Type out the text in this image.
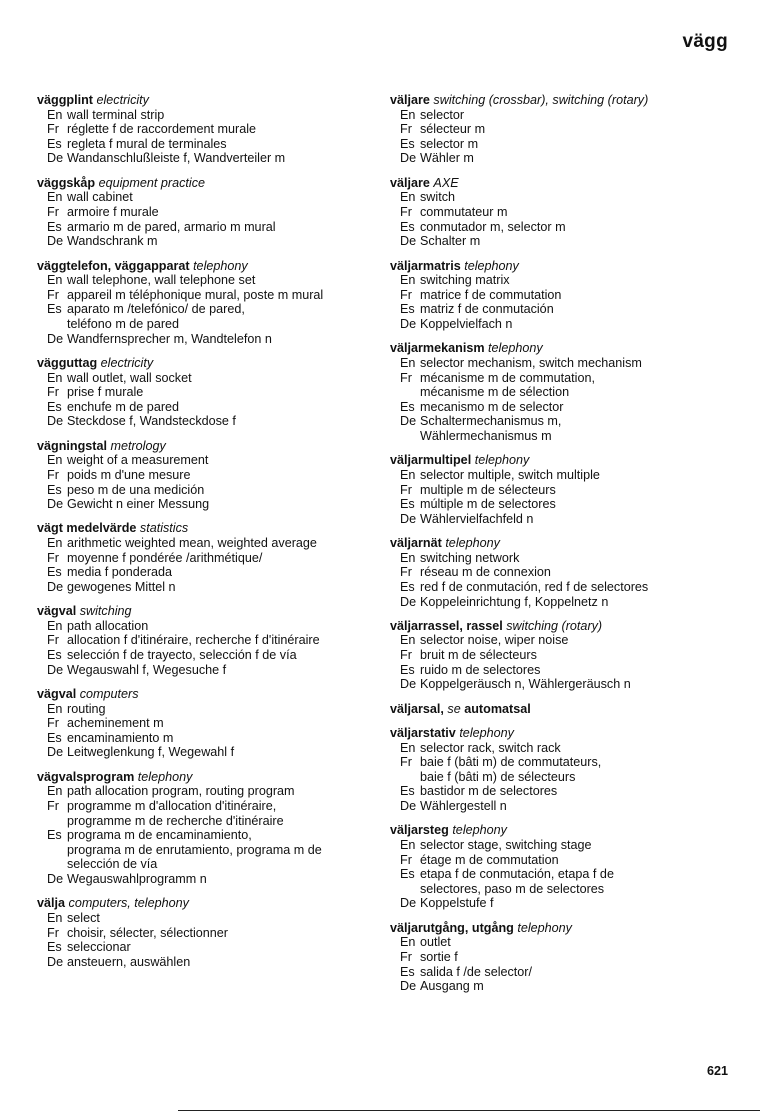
vägg
väggplint electricity
En wall terminal strip
Fr réglette f de raccordement murale
Es regleta f mural de terminales
De Wandanschlußleiste f, Wandverteiler m
väggskåp equipment practice
En wall cabinet
Fr armoire f murale
Es armario m de pared, armario m mural
De Wandschrank m
väggtelefon, väggapparat telephony
En wall telephone, wall telephone set
Fr appareil m téléphonique mural, poste m mural
Es aparato m /telefónico/ de pared,
teléfono m de pared
De Wandfernsprecher m, Wandtelefon n
vägguttag electricity
En wall outlet, wall socket
Fr prise f murale
Es enchufe m de pared
De Steckdose f, Wandsteckdose f
vägningstal metrology
En weight of a measurement
Fr poids m d'une mesure
Es peso m de una medición
De Gewicht n einer Messung
vägt medelvärde statistics
En arithmetic weighted mean, weighted average
Fr moyenne f pondérée /arithmétique/
Es media f ponderada
De gewogenes Mittel n
vägval switching
En path allocation
Fr allocation f d'itinéraire, recherche f d'itinéraire
Es selección f de trayecto, selección f de vía
De Wegauswahl f, Wegesuche f
vägval computers
En routing
Fr acheminement m
Es encaminamiento m
De Leitweglenkung f, Wegewahl f
vägvalsprogram telephony
En path allocation program, routing program
Fr programme m d'allocation d'itinéraire,
programme m de recherche d'itinéraire
Es programa m de encaminamiento,
programa m de enrutamiento, programa m de
selección de vía
De Wegauswahlprogramm n
välja computers, telephony
En select
Fr choisir, sélecter, sélectionner
Es seleccionar
De ansteuern, auswählen
väljare switching (crossbar), switching (rotary)
En selector
Fr sélecteur m
Es selector m
De Wähler m
väljare AXE
En switch
Fr commutateur m
Es conmutador m, selector m
De Schalter m
väljarmatris telephony
En switching matrix
Fr matrice f de commutation
Es matriz f de conmutación
De Koppelvielfach n
väljarmekanism telephony
En selector mechanism, switch mechanism
Fr mécanisme m de commutation,
mécanisme m de sélection
Es mecanismo m de selector
De Schaltermechanismus m,
Wählermechanismus m
väljarmultipel telephony
En selector multiple, switch multiple
Fr multiple m de sélecteurs
Es múltiple m de selectores
De Wählervielfachfeld n
väljarnät telephony
En switching network
Fr réseau m de connexion
Es red f de conmutación, red f de selectores
De Koppeleinrichtung f, Koppelnetz n
väljarrassel, rassel switching (rotary)
En selector noise, wiper noise
Fr bruit m de sélecteurs
Es ruido m de selectores
De Koppelgeräusch n, Wählergeräusch n
väljarsal, se automatsal
väljarstativ telephony
En selector rack, switch rack
Fr baie f (bâti m) de commutateurs,
baie f (bâti m) de sélecteurs
Es bastidor m de selectores
De Wählergestell n
väljarsteg telephony
En selector stage, switching stage
Fr étage m de commutation
Es etapa f de conmutación, etapa f de
selectores, paso m de selectores
De Koppelstufe f
väljarutgång, utgång telephony
En outlet
Fr sortie f
Es salida f /de selector/
De Ausgang m
621
